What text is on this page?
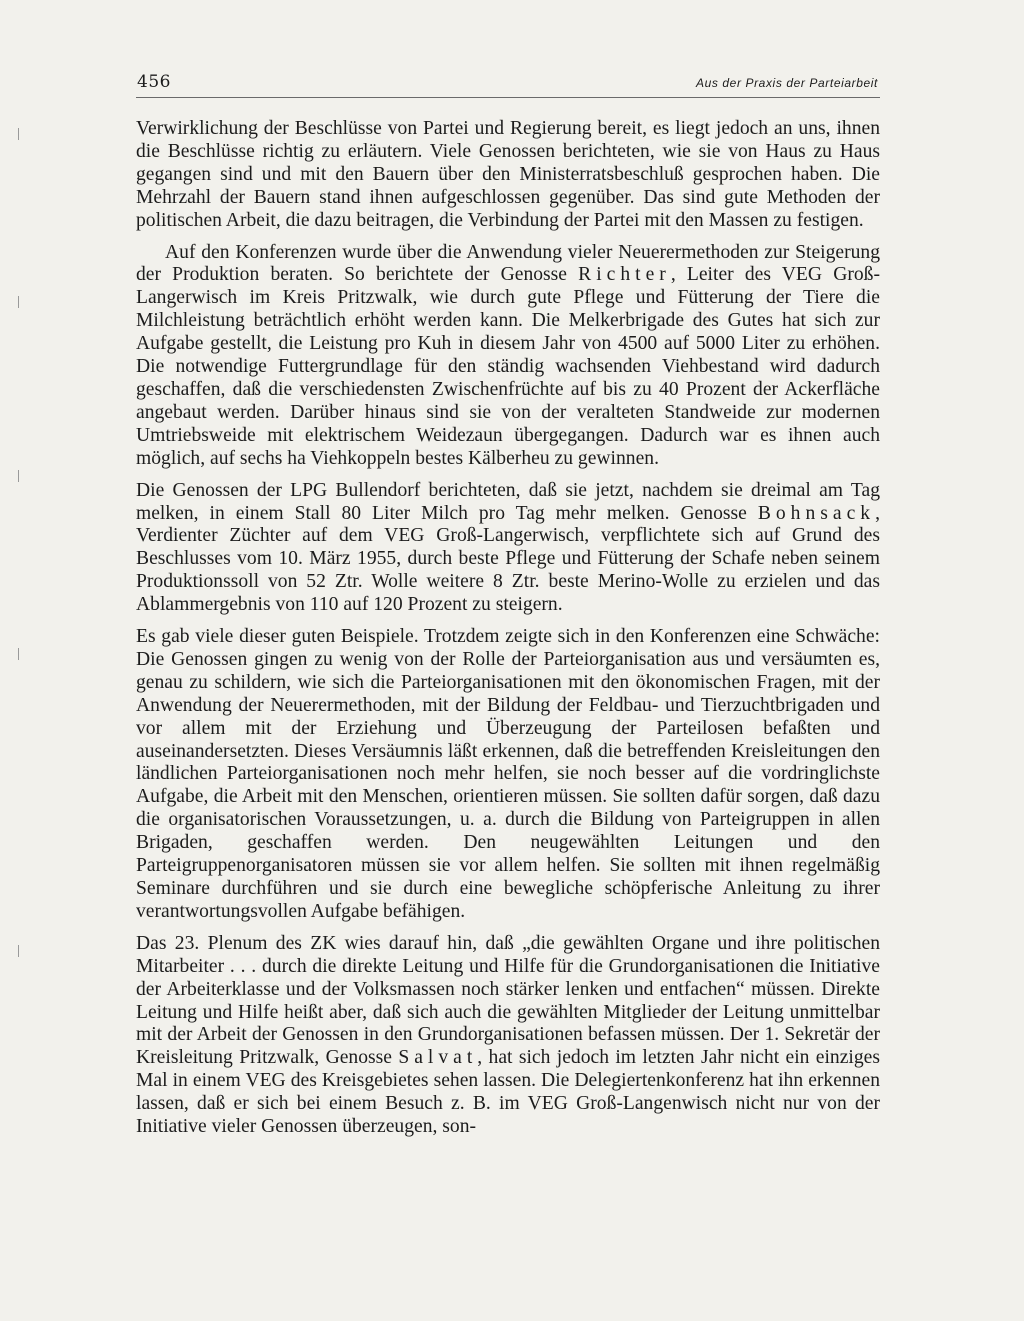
456	Aus der Praxis der Parteiarbeit

Verwirklichung der Beschlüsse von Partei und Regierung bereit, es liegt jedoch an uns, ihnen die Beschlüsse richtig zu erläutern. Viele Genossen berichteten, wie sie von Haus zu Haus gegangen sind und mit den Bauern über den Ministerratsbeschluß gesprochen haben. Die Mehrzahl der Bauern stand ihnen aufgeschlossen gegenüber. Das sind gute Methoden der politischen Arbeit, die dazu beitragen, die Verbindung der Partei mit den Massen zu festigen.

Auf den Konferenzen wurde über die Anwendung vieler Neuerermethoden zur Steigerung der Produktion beraten. So berichtete der Genosse Richter, Leiter des VEG Groß-Langerwisch im Kreis Pritzwalk, wie durch gute Pflege und Fütterung der Tiere die Milchleistung beträchtlich erhöht werden kann. Die Melkerbrigade des Gutes hat sich zur Aufgabe gestellt, die Leistung pro Kuh in diesem Jahr von 4500 auf 5000 Liter zu erhöhen. Die notwendige Futtergrundlage für den ständig wachsenden Viehbestand wird dadurch geschaffen, daß die verschiedensten Zwischenfrüchte auf bis zu 40 Prozent der Ackerfläche angebaut werden. Darüber hinaus sind sie von der veralteten Standweide zur modernen Umtriebsweide mit elektrischem Weidezaun übergegangen. Dadurch war es ihnen auch möglich, auf sechs ha Viehkoppeln bestes Kälberheu zu gewinnen.

Die Genossen der LPG Bullendorf berichteten, daß sie jetzt, nachdem sie dreimal am Tag melken, in einem Stall 80 Liter Milch pro Tag mehr melken. Genosse Bohnsack, Verdienter Züchter auf dem VEG Groß-Langerwisch, verpflichtete sich auf Grund des Beschlusses vom 10. März 1955, durch beste Pflege und Fütterung der Schafe neben seinem Produktionssoll von 52 Ztr. Wolle weitere 8 Ztr. beste Merino-Wolle zu erzielen und das Ablammergebnis von 110 auf 120 Prozent zu steigern.

Es gab viele dieser guten Beispiele. Trotzdem zeigte sich in den Konferenzen eine Schwäche: Die Genossen gingen zu wenig von der Rolle der Parteiorganisation aus und versäumten es, genau zu schildern, wie sich die Parteiorganisationen mit den ökonomischen Fragen, mit der Anwendung der Neuerermethoden, mit der Bildung der Feldbau- und Tierzuchtbrigaden und vor allem mit der Erziehung und Überzeugung der Parteilosen befaßten und auseinandersetzten. Dieses Versäumnis läßt erkennen, daß die betreffenden Kreisleitungen den ländlichen Parteiorganisationen noch mehr helfen, sie noch besser auf die vordringlichste Aufgabe, die Arbeit mit den Menschen, orientieren müssen. Sie sollten dafür sorgen, daß dazu die organisatorischen Voraussetzungen, u. a. durch die Bildung von Parteigruppen in allen Brigaden, geschaffen werden. Den neugewählten Leitungen und den Parteigruppenorganisatoren müssen sie vor allem helfen. Sie sollten mit ihnen regelmäßig Seminare durchführen und sie durch eine bewegliche schöpferische Anleitung zu ihrer verantwortungsvollen Aufgabe befähigen.

Das 23. Plenum des ZK wies darauf hin, daß „die gewählten Organe und ihre politischen Mitarbeiter . . . durch die direkte Leitung und Hilfe für die Grundorganisationen die Initiative der Arbeiterklasse und der Volksmassen noch stärker lenken und entfachen“ müssen. Direkte Leitung und Hilfe heißt aber, daß sich auch die gewählten Mitglieder der Leitung unmittelbar mit der Arbeit der Genossen in den Grundorganisationen befassen müssen. Der 1. Sekretär der Kreisleitung Pritzwalk, Genosse Salvat, hat sich jedoch im letzten Jahr nicht ein einziges Mal in einem VEG des Kreisgebietes sehen lassen. Die Delegiertenkonferenz hat ihn erkennen lassen, daß er sich bei einem Besuch z. B. im VEG Groß-Langenwisch nicht nur von der Initiative vieler Genossen überzeugen, son-
